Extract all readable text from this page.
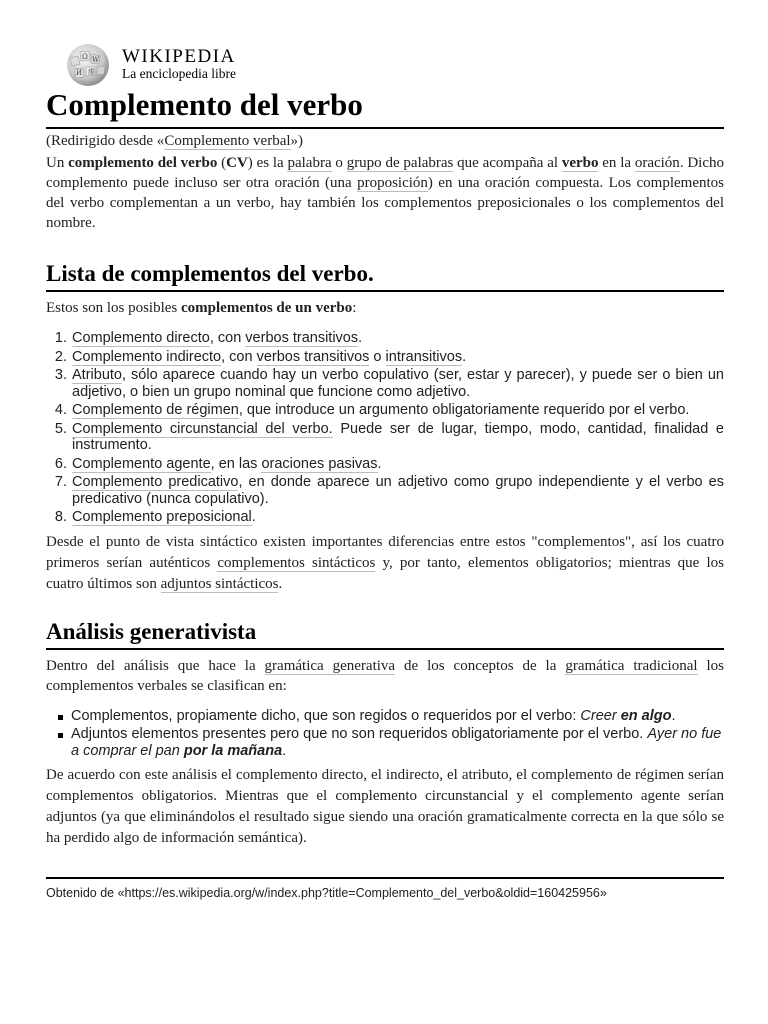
Ω W
И 維
WIKIPEDIA
La enciclopedia libre
Complemento del verbo

(Redirigido desde «Complemento verbal»)

Un complemento del verbo (CV) es la palabra o grupo de palabras que acompaña al verbo en la oración. Dicho complemento puede incluso ser otra oración (una proposición) en una oración compuesta. Los complementos del verbo complementan a un verbo, hay también los complementos preposicionales o los complementos del nombre.

Lista de complementos del verbo.

Estos son los posibles complementos de un verbo:

1. Complemento directo, con verbos transitivos.
2. Complemento indirecto, con verbos transitivos o intransitivos.
3. Atributo, sólo aparece cuando hay un verbo copulativo (ser, estar y parecer), y puede ser o bien un adjetivo, o bien un grupo nominal que funcione como adjetivo.
4. Complemento de régimen, que introduce un argumento obligatoriamente requerido por el verbo.
5. Complemento circunstancial del verbo. Puede ser de lugar, tiempo, modo, cantidad, finalidad e instrumento.
6. Complemento agente, en las oraciones pasivas.
7. Complemento predicativo, en donde aparece un adjetivo como grupo independiente y el verbo es predicativo (nunca copulativo).
8. Complemento preposicional.

Desde el punto de vista sintáctico existen importantes diferencias entre estos "complementos", así los cuatro primeros serían auténticos complementos sintácticos y, por tanto, elementos obligatorios; mientras que los cuatro últimos son adjuntos sintácticos.

Análisis generativista

Dentro del análisis que hace la gramática generativa de los conceptos de la gramática tradicional los complementos verbales se clasifican en:

Complementos, propiamente dicho, que son regidos o requeridos por el verbo: Creer en algo.
Adjuntos elementos presentes pero que no son requeridos obligatoriamente por el verbo. Ayer no fue a comprar el pan por la mañana.

De acuerdo con este análisis el complemento directo, el indirecto, el atributo, el complemento de régimen serían complementos obligatorios. Mientras que el complemento circunstancial y el complemento agente serían adjuntos (ya que eliminándolos el resultado sigue siendo una oración gramaticalmente correcta en la que sólo se ha perdido algo de información semántica).

Obtenido de «https://es.wikipedia.org/w/index.php?title=Complemento_del_verbo&oldid=160425956»
